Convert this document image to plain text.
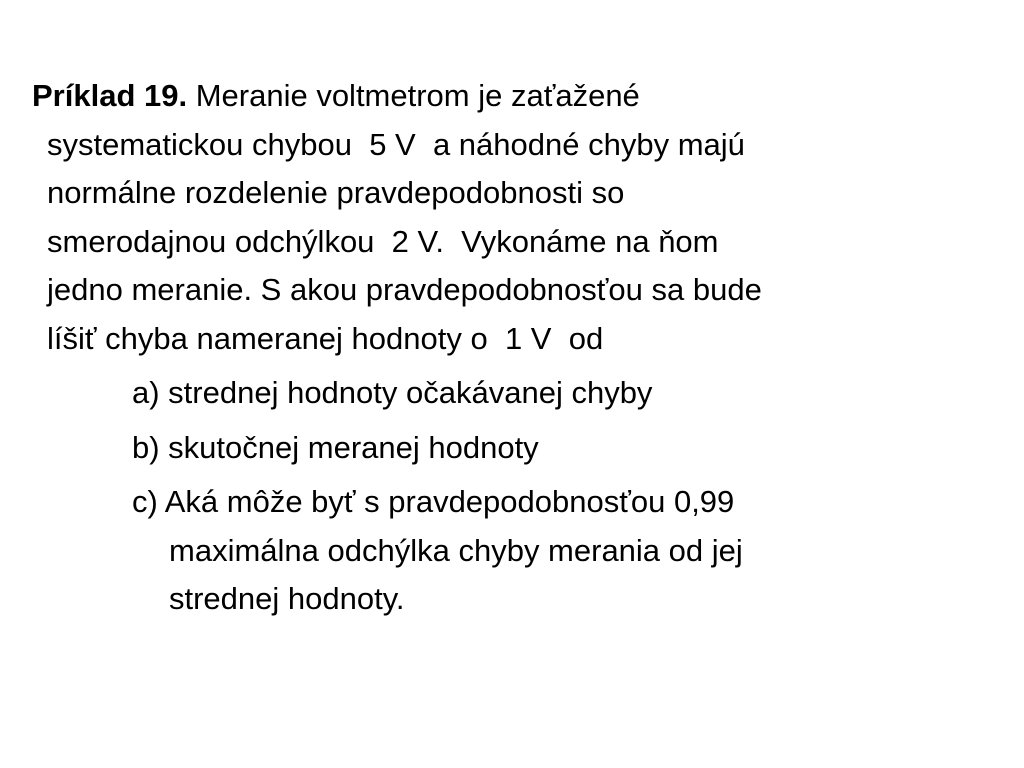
Príklad 19. Meranie voltmetrom je zaťažené

systematickou chybou  5 V  a náhodné chyby majú

normálne rozdelenie pravdepodobnosti so

smerodajnou odchýlkou  2 V.  Vykonáme na ňom

jedno meranie. S akou pravdepodobnosťou sa bude

líšiť chyba nameranej hodnoty o  1 V  od

a) strednej hodnoty očakávanej chyby

b) skutočnej meranej hodnoty

c) Aká môže byť s pravdepodobnosťou 0,99

maximálna odchýlka chyby merania od jej

strednej hodnoty.
